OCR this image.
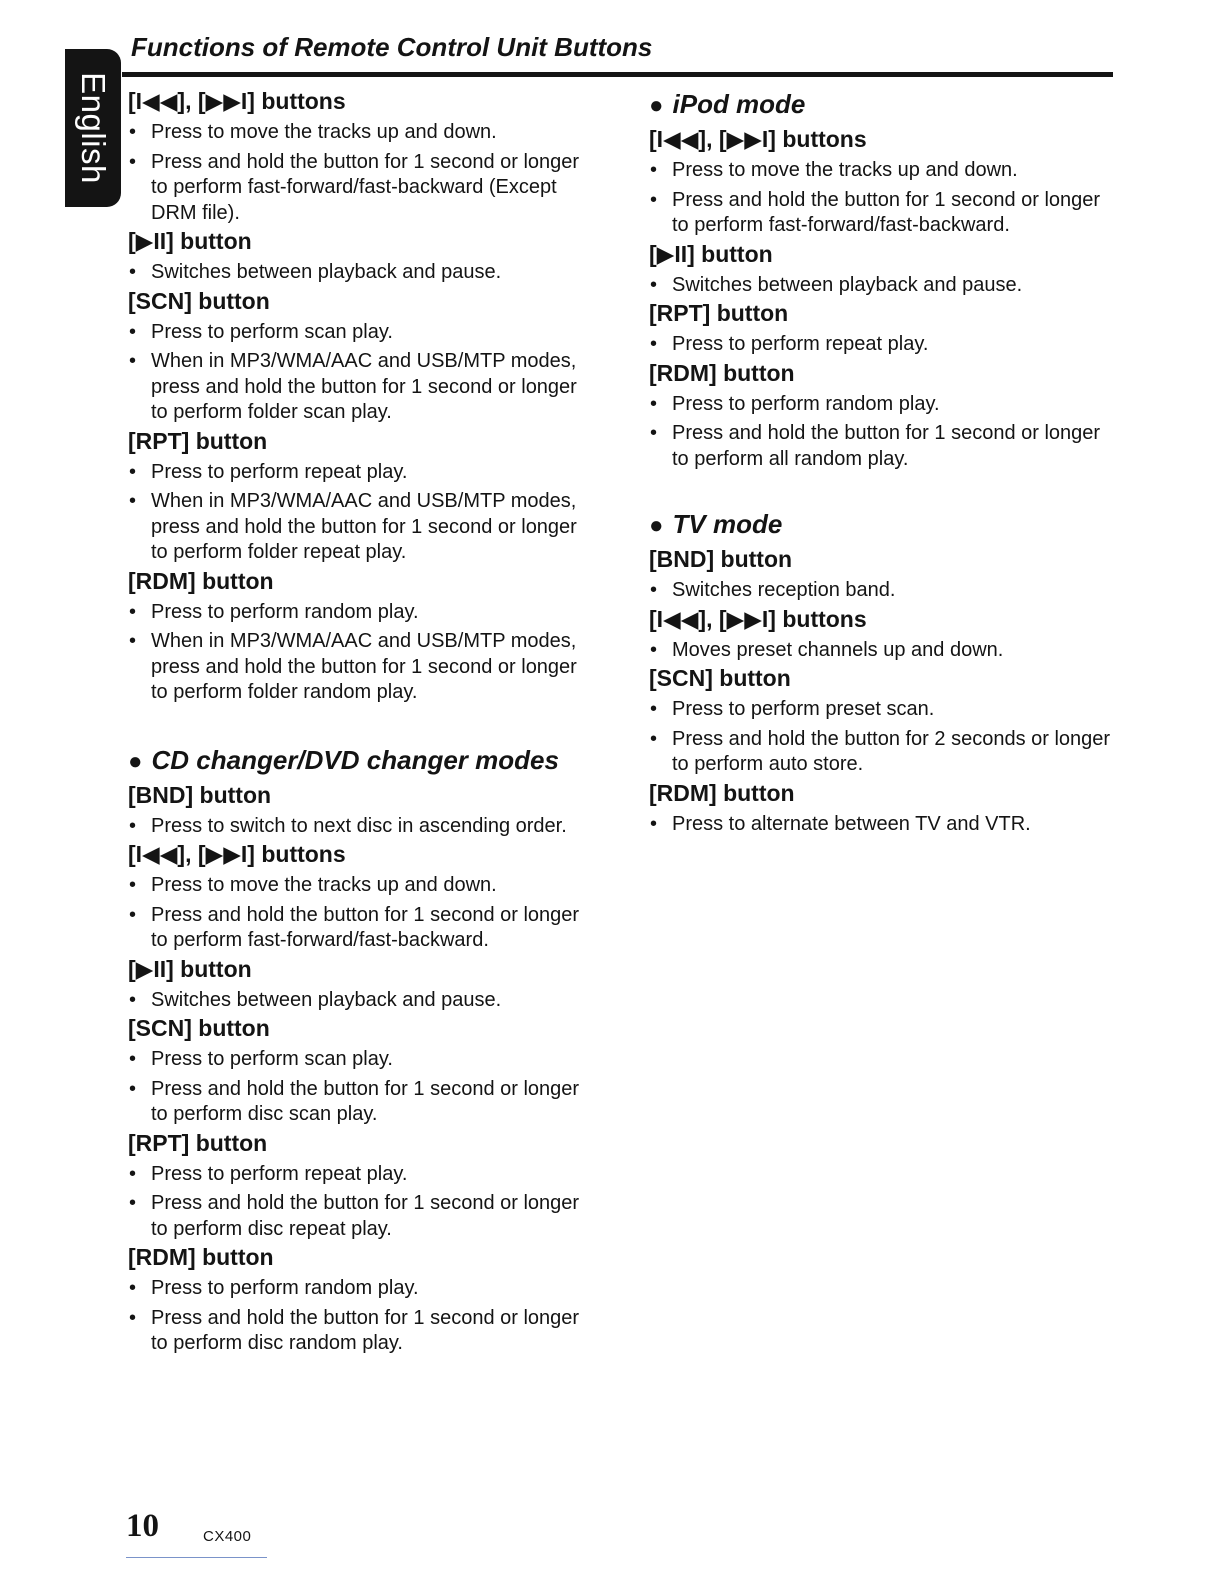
English
Functions of Remote Control Unit Buttons
[I◀◀], [▶▶I] buttons
• Press to move the tracks up and down.
• Press and hold the button for 1 second or longer to perform fast-forward/fast-backward (Except DRM file).
[▶II] button
• Switches between playback and pause.
[SCN] button
• Press to perform scan play.
• When in MP3/WMA/AAC and USB/MTP modes, press and hold the button for 1 second or longer to perform folder scan play.
[RPT] button
• Press to perform repeat play.
• When in MP3/WMA/AAC and USB/MTP modes, press and hold the button for 1 second or longer to perform folder repeat play.
[RDM] button
• Press to perform random play.
• When in MP3/WMA/AAC and USB/MTP modes, press and hold the button for 1 second or longer to perform folder random play.
● CD changer/DVD changer modes
[BND] button
• Press to switch to next disc in ascending order.
[I◀◀], [▶▶I] buttons
• Press to move the tracks up and down.
• Press and hold the button for 1 second or longer to perform fast-forward/fast-backward.
[▶II] button
• Switches between playback and pause.
[SCN] button
• Press to perform scan play.
• Press and hold the button for 1 second or longer to perform disc scan play.
[RPT] button
• Press to perform repeat play.
• Press and hold the button for 1 second or longer to perform disc repeat play.
[RDM] button
• Press to perform random play.
• Press and hold the button for 1 second or longer to perform disc random play.
● iPod mode
[I◀◀], [▶▶I] buttons
• Press to move the tracks up and down.
• Press and hold the button for 1 second or longer to perform fast-forward/fast-backward.
[▶II] button
• Switches between playback and pause.
[RPT] button
• Press to perform repeat play.
[RDM] button
• Press to perform random play.
• Press and hold the button for 1 second or longer to perform all random play.
● TV mode
[BND] button
• Switches reception band.
[I◀◀], [▶▶I] buttons
• Moves preset channels up and down.
[SCN] button
• Press to perform preset scan.
• Press and hold the button for 2 seconds or longer to perform auto store.
[RDM] button
• Press to alternate between TV and VTR.
10	CX400
